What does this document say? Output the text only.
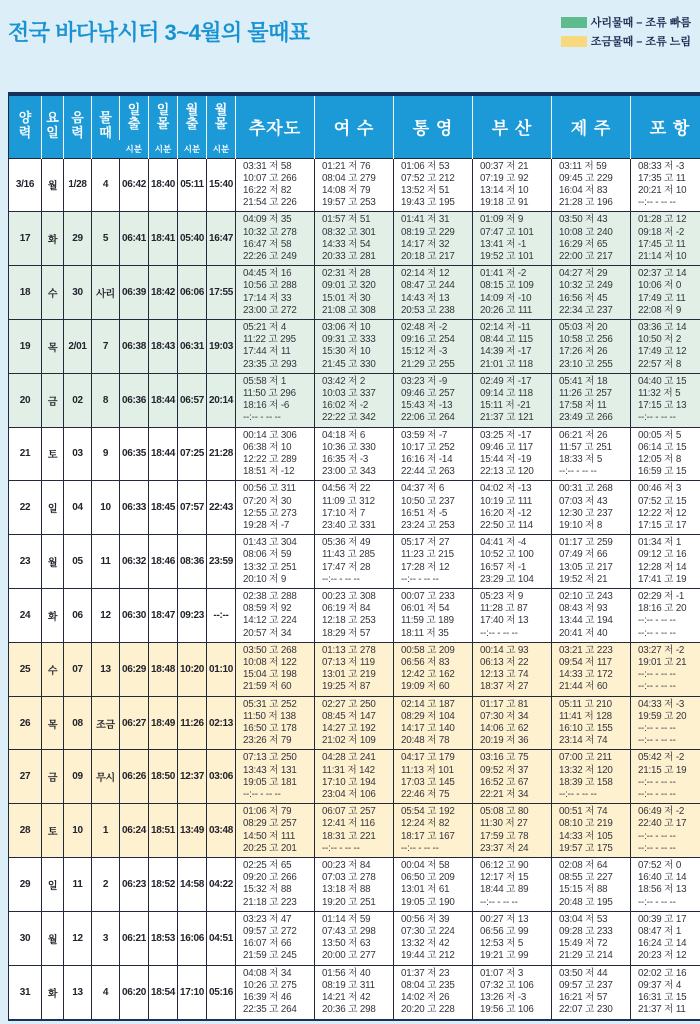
전국 바다낚시터 3~4월의 물때표	사리물때 – 조류 빠름
조금물때 – 조류 느림
양력	요일	음력	물때	일출	일몰	월출	월몰	추자도	여 수	통 영	부 산	제 주	포 항
				시분	시분	시분	시분						
3/16	월	1/28	4	06:42	18:40	05:11	15:40	
03:31 저 58
10:07 고 266
16:22 저 82
21:54 고 226

01:21 저 76
08:04 고 279
14:08 저 79
19:57 고 253

01:06 저 53
07:52 고 212
13:52 저 51
19:43 고 195

00:37 저 21
07:19 고 92
13:14 저 10
19:18 고 91

03:11 저 59
09:45 고 229
16:04 저 83
21:28 고 196

08:33 저 -3
17:35 고 11
20:21 저 10
--:-- - -- --

17	화	29	5	06:41	18:41	05:40	16:47	
04:09 저 35
10:32 고 278
16:47 저 58
22:26 고 249

01:57 저 51
08:32 고 301
14:33 저 54
20:33 고 281

01:41 저 31
08:19 고 229
14:17 저 32
20:18 고 217

01:09 저 9
07:47 고 101
13:41 저 -1
19:52 고 101

03:50 저 43
10:08 고 240
16:29 저 65
22:00 고 217

01:28 고 12
09:18 저 -2
17:45 고 11
21:14 저 10

18	수	30	사리	06:39	18:42	06:06	17:55	
04:45 저 16
10:56 고 288
17:14 저 33
23:00 고 272

02:31 저 28
09:01 고 320
15:01 저 30
21:08 고 308

02:14 저 12
08:47 고 244
14:43 저 13
20:53 고 238

01:41 저 -2
08:15 고 109
14:09 저 -10
20:26 고 111

04:27 저 29
10:32 고 249
16:56 저 45
22:34 고 237

02:37 고 14
10:06 저 0
17:49 고 11
22:08 저 9

19	목	2/01	7	06:38	18:43	06:31	19:03	
05:21 저 4
11:22 고 295
17:44 저 11
23:35 고 293

03:06 저 10
09:31 고 333
15:30 저 10
21:45 고 330

02:48 저 -2
09:16 고 254
15:12 저 -3
21:29 고 255

02:14 저 -11
08:44 고 115
14:39 저 -17
21:01 고 118

05:03 저 20
10:58 고 256
17:26 저 26
23:10 고 255

03:36 고 14
10:50 저 2
17:49 고 12
22:57 저 8

20	금	02	8	06:36	18:44	06:57	20:14	
05:58 저 1
11:50 고 296
18:16 저 -6
--:-- - -- --

03:42 저 2
10:03 고 337
16:02 저 -2
22:22 고 342

03:23 저 -9
09:46 고 257
15:43 저 -13
22:06 고 264

02:49 저 -17
09:14 고 118
15:11 저 -21
21:37 고 121

05:41 저 18
11:26 고 257
17:58 저 11
23:49 고 266

04:40 고 15
11:32 저 5
17:15 고 13
--:-- - -- --

21	토	03	9	06:35	18:44	07:25	21:28	
00:14 고 306
06:38 저 10
12:22 고 289
18:51 저 -12

04:18 저 6
10:36 고 330
16:35 저 -3
23:00 고 343

03:59 저 -7
10:17 고 252
16:16 저 -14
22:44 고 263

03:25 저 -17
09:46 고 117
15:44 저 -19
22:13 고 120

06:21 저 26
11:57 고 251
18:33 저 5
--:-- - -- --

00:05 저 5
06:14 고 15
12:05 저 8
16:59 고 15

22	일	04	10	06:33	18:45	07:57	22:43	
00:56 고 311
07:20 저 30
12:55 고 273
19:28 저 -7

04:56 저 22
11:09 고 312
17:10 저 7
23:40 고 331

04:37 저 6
10:50 고 237
16:51 저 -5
23:24 고 253

04:02 저 -13
10:19 고 111
16:20 저 -12
22:50 고 114

00:31 고 268
07:03 저 43
12:30 고 237
19:10 저 8

00:46 저 3
07:52 고 15
12:22 저 12
17:15 고 17

23	월	05	11	06:32	18:46	08:36	23:59	
01:43 고 304
08:06 저 59
13:32 고 251
20:10 저 9

05:36 저 49
11:43 고 285
17:47 저 28
--:-- - -- --

05:17 저 27
11:23 고 215
17:28 저 12
--:-- - -- --

04:41 저 -4
10:52 고 100
16:57 저 -1
23:29 고 104

01:17 고 259
07:49 저 66
13:05 고 217
19:52 저 21

01:34 저 1
09:12 고 16
12:28 저 14
17:41 고 19

24	화	06	12	06:30	18:47	09:23	--:--	
02:38 고 288
08:59 저 92
14:12 고 224
20:57 저 34

00:23 고 308
06:19 저 84
12:18 고 253
18:29 저 57

00:07 고 233
06:01 저 54
11:59 고 189
18:11 저 35

05:23 저 9
11:28 고 87
17:40 저 13
--:-- - -- --

02:10 고 243
08:43 저 93
13:44 고 194
20:41 저 40

02:29 저 -1
18:16 고 20
--:-- - -- --
--:-- - -- --

25	수	07	13	06:29	18:48	10:20	01:10	
03:50 고 268
10:08 저 122
15:04 고 198
21:59 저 60

01:13 고 278
07:13 저 119
13:01 고 219
19:25 저 87

00:58 고 209
06:56 저 83
12:42 고 162
19:09 저 60

00:14 고 93
06:13 저 22
12:13 고 74
18:37 저 27

03:21 고 223
09:54 저 117
14:33 고 172
21:44 저 60

03:27 저 -2
19:01 고 21
--:-- - -- --
--:-- - -- --

26	목	08	조금	06:27	18:49	11:26	02:13	
05:31 고 252
11:50 저 138
16:50 고 178
23:26 저 79

02:27 고 250
08:45 저 147
14:27 고 192
21:02 저 109

02:14 고 187
08:29 저 104
14:17 고 140
20:48 저 78

01:17 고 81
07:30 저 34
14:06 고 62
20:19 저 36

05:11 고 210
11:41 저 128
16:10 고 155
23:14 저 74

04:33 저 -3
19:59 고 20
--:-- - -- --
--:-- - -- --

27	금	09	무시	06:26	18:50	12:37	03:06	
07:13 고 250
13:43 저 131
19:05 고 181
--:-- - -- --

04:28 고 241
11:31 저 142
17:10 고 194
23:04 저 106

04:17 고 179
11:13 저 101
17:03 고 145
22:46 저 75

03:16 고 75
09:52 저 37
16:52 고 67
22:21 저 34

07:00 고 211
13:32 저 120
18:39 고 158
--:-- - -- --

05:42 저 -2
21:15 고 19
--:-- - -- --
--:-- - -- --

28	토	10	1	06:24	18:51	13:49	03:48	
01:06 저 79
08:29 고 257
14:50 저 111
20:25 고 201

06:07 고 257
12:41 저 116
18:31 고 221
--:-- - -- --

05:54 고 192
12:24 저 82
18:17 고 167
--:-- - -- --

05:08 고 80
11:30 저 27
17:59 고 78
23:37 저 24

00:51 저 74
08:10 고 219
14:33 저 105
19:57 고 175

06:49 저 -2
22:40 고 17
--:-- - -- --
--:-- - -- --

29	일	11	2	06:23	18:52	14:58	04:22	
02:25 저 65
09:20 고 266
15:32 저 88
21:18 고 223

00:23 저 84
07:03 고 278
13:18 저 88
19:20 고 251

00:04 저 58
06:50 고 209
13:01 저 61
19:05 고 190

06:12 고 90
12:17 저 15
18:44 고 89
--:-- - -- --

02:08 저 64
08:55 고 227
15:15 저 88
20:48 고 195

07:52 저 0
16:40 고 14
18:56 저 13
--:-- - -- --

30	월	12	3	06:21	18:53	16:06	04:51	
03:23 저 47
09:57 고 272
16:07 저 66
21:59 고 245

01:14 저 59
07:43 고 298
13:50 저 63
20:00 고 277

00:56 저 39
07:30 고 224
13:32 저 42
19:44 고 212

00:27 저 13
06:56 고 99
12:53 저 5
19:21 고 99

03:04 저 53
09:28 고 233
15:49 저 72
21:29 고 214

00:39 고 17
08:47 저 1
16:24 고 14
20:23 저 12

31	화	13	4	06:20	18:54	17:10	05:16	
04:08 저 34
10:26 고 275
16:39 저 46
22:35 고 264

01:56 저 40
08:19 고 311
14:21 저 42
20:36 고 298

01:37 저 23
08:04 고 235
14:02 저 26
20:20 고 228

01:07 저 3
07:32 고 106
13:26 저 -3
19:56 고 106

03:50 저 44
09:57 고 237
16:21 저 57
22:07 고 230

02:02 고 16
09:37 저 4
16:31 고 15
21:37 저 11
